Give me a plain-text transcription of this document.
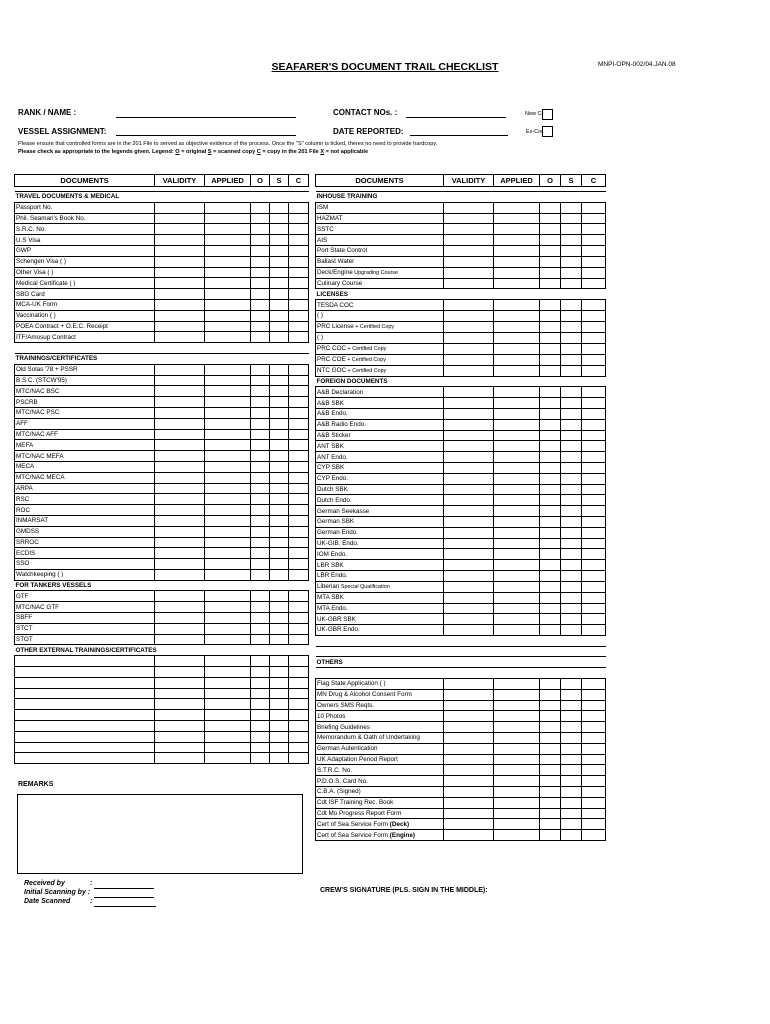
MNPI-OPN-002/04.JAN.08
SEAFARER'S DOCUMENT TRAIL CHECKLIST
RANK / NAME :
VESSEL ASSIGNMENT:
CONTACT NOs. :
DATE REPORTED:
New Cr
Ex-Cre
Please ensure that controlled forms are in the 201 File to served as objective evidence of the process. Once the "S" column is ticked, theres no need to provide hardcopy.
Please check as appropriate to the legends given. Legend: O = original S = scanned copy C = copy in the 201 File X = not applicable
DOCUMENTS	VALIDITY	APPLIED	O	S	C

TRAVEL DOCUMENTS & MEDICAL					
Passport No.					
Phil. Seaman's Book No.					
S.R.C. No.					
U.S Visa					
GWP					
Schengen Visa ( )					
Other Visa ( )					
Medical Certificate ( )					
SBG Card					
MCA-UK Form					
Vaccination ( )					
POEA Contract + O.E.C. Receipt					
ITF/Amosup Contract					

TRAININGS/CERTIFICATES					
Old Solas '78 + PSSR					
B.S.C. (STCW'95)					
MTC/NAC BSC					
PSCRB					
MTC/NAC PSC					
AFF					
MTC/NAC AFF					
MEFA					
MTC/NAC MEFA					
MECA					
MTC/NAC MECA					
ARPA					
RSC					
ROC					
INMARSAT					
GMDSS					
SRROC					
ECDIS					
SSO					
Watchkeeping ( )					
FOR TANKERS VESSELS					
GTF					
MTC/NAC GTF					
SBFF					
STCT					
STOT					
OTHER EXTERNAL TRAININGS/CERTIFICATES					

DOCUMENTS	VALIDITY	APPLIED	O	S	C

INHOUSE TRAINING					
ISM					
HAZMAT					
SSTC					
AIS					
Port State Control					
Ballast Water					
Deck/Engine Upgrading Course					
Culinary Course					
LICENSES					
TESDA COC					
( )					
PRC License + Certified Copy					
( )					
PRC COC + Certified Copy					
PRC COE + Certified Copy					
NTC GOC + Certified Copy					
FOREIGN DOCUMENTS					
A&B Declaration					
A&B SBK					
A&B Endo.					
A&B Radio Endo.					
A&B Sticker					
ANT SBK					
ANT Endo.					
CYP SBK					
CYP Endo.					
Dutch SBK					
Dutch Endo.					
German Seekasse					
German SBK					
German Endo.					
UK-GIB. Endo.					
IOM Endo.					
LBR SBK					
LBR Endo.					
Liberian Special Qualification					
MTA SBK					
MTA Endo.					
UK-GBR SBK					
UK-GBR Endo.					

OTHERS					

Flag State Application ( )					
MN Drug & Alcohol Consent Form					
Owners SMS Reqts.					
10 Photos					
Briefing Guidelines					
Memorandum & Oath of Undertaking					
German Autentication					
UK Adaptation Period Report					
S.T.R.C. No.					
P.D.O.S. Card No.					
C.B.A. (Signed)					
Cdt ISF Training Rec. Book					
Cdt Mo Progress Report Form					
Cert of Sea Service Form (Deck)					
Cert of Sea Service Form (Engine)					
REMARKS
Received by	:
Initial Scanning by :
Date Scanned	:
CREW'S SIGNATURE (PLS. SIGN IN THE MIDDLE):
